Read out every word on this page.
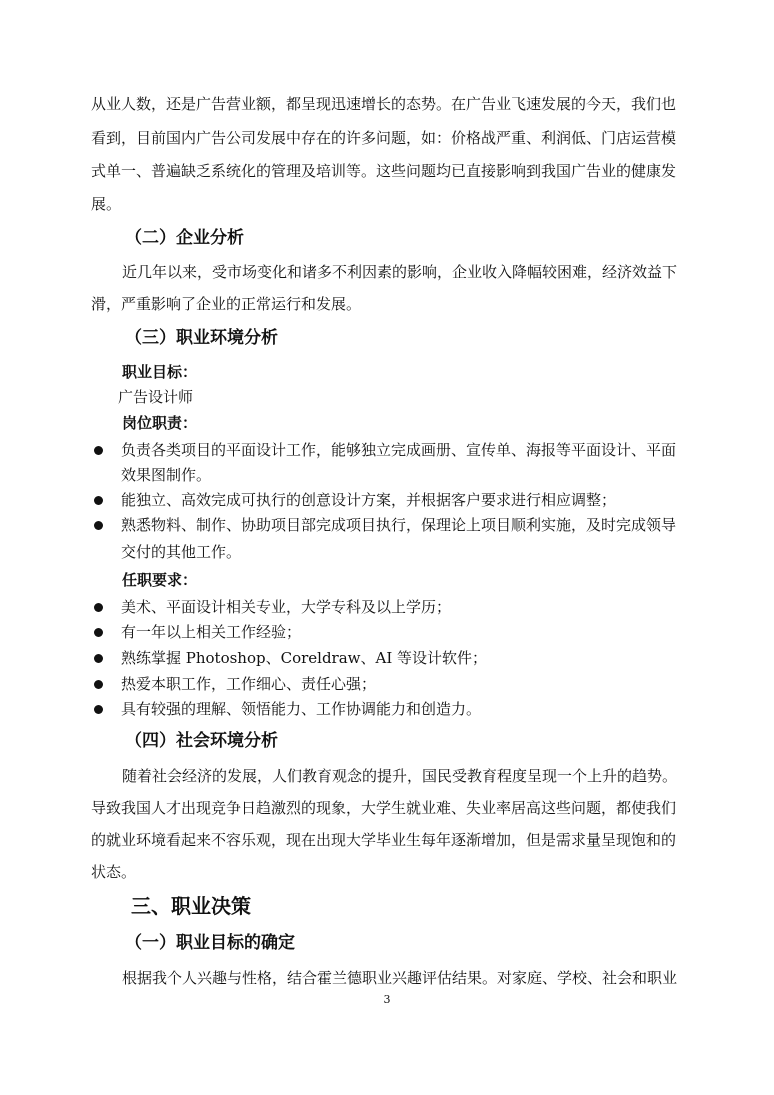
从业人数，还是广告营业额，都呈现迅速增长的态势。在广告业飞速发展的今天，我们也
看到，目前国内广告公司发展中存在的许多问题，如：价格战严重、利润低、门店运营模
式单一、普遍缺乏系统化的管理及培训等。这些问题均已直接影响到我国广告业的健康发
展。
（二）企业分析
近几年以来，受市场变化和诸多不利因素的影响，企业收入降幅较困难，经济效益下
滑，严重影响了企业的正常运行和发展。
（三）职业环境分析
职业目标：
广告设计师
岗位职责：
负责各类项目的平面设计工作，能够独立完成画册、宣传单、海报等平面设计、平面
效果图制作。
能独立、高效完成可执行的创意设计方案，并根据客户要求进行相应调整；
熟悉物料、制作、协助项目部完成项目执行，保理论上项目顺利实施，及时完成领导
交付的其他工作。
任职要求：
美术、平面设计相关专业，大学专科及以上学历；
有一年以上相关工作经验；
熟练掌握 Photoshop、Coreldraw、AI 等设计软件；
热爱本职工作，工作细心、责任心强；
具有较强的理解、领悟能力、工作协调能力和创造力。
（四）社会环境分析
随着社会经济的发展，人们教育观念的提升，国民受教育程度呈现一个上升的趋势。
导致我国人才出现竞争日趋激烈的现象，大学生就业难、失业率居高这些问题，都使我们
的就业环境看起来不容乐观，现在出现大学毕业生每年逐渐增加，但是需求量呈现饱和的
状态。
三、职业决策
（一）职业目标的确定
根据我个人兴趣与性格，结合霍兰德职业兴趣评估结果。对家庭、学校、社会和职业
3
